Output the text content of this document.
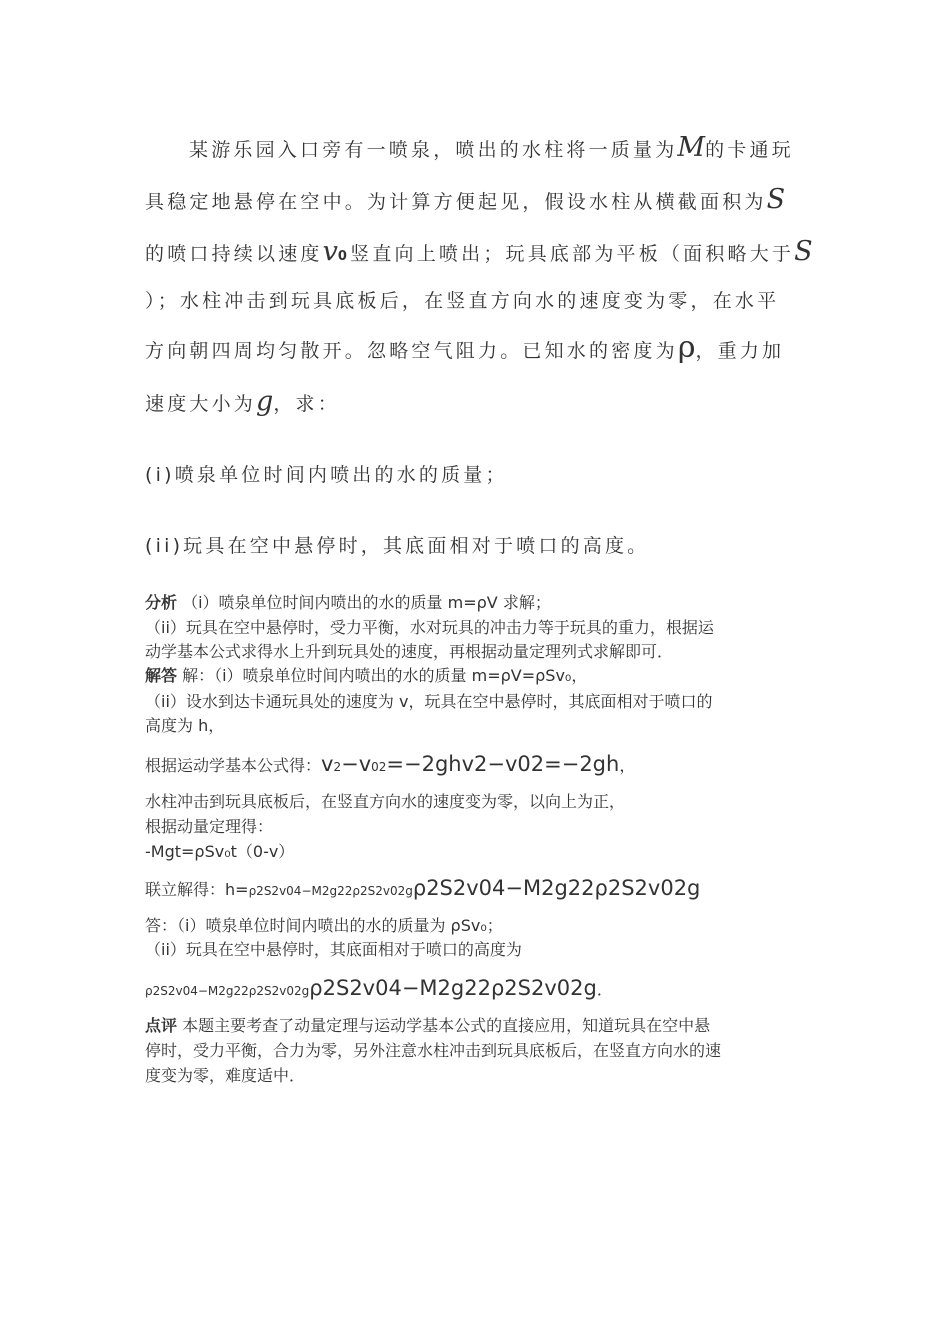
某游乐园入口旁有一喷泉，喷出的水柱将一质量为M的卡通玩
具稳定地悬停在空中。为计算方便起见，假设水柱从横截面积为S
的喷口持续以速度v0竖直向上喷出；玩具底部为平板（面积略大于S
）；水柱冲击到玩具底板后，在竖直方向水的速度变为零，在水平
方向朝四周均匀散开。忽略空气阻力。已知水的密度为ρ，重力加
速度大小为g，求：
(i)喷泉单位时间内喷出的水的质量；
(ii)玩具在空中悬停时，其底面相对于喷口的高度。
分析 （i）喷泉单位时间内喷出的水的质量 m=ρV 求解；
（ii）玩具在空中悬停时，受力平衡，水对玩具的冲击力等于玩具的重力，根据运
动学基本公式求得水上升到玩具处的速度，再根据动量定理列式求解即可．
解答 解：（i）喷泉单位时间内喷出的水的质量 m=ρV=ρSv₀，
（ii）设水到达卡通玩具处的速度为 v，玩具在空中悬停时，其底面相对于喷口的
高度为 h，
根据运动学基本公式得：v2−v02=−2ghv2−v02=−2gh，
水柱冲击到玩具底板后，在竖直方向水的速度变为零，以向上为正，
根据动量定理得：
-Mgt=ρSv₀t（0-v）
联立解得：h=ρ2S2v04−M2g22ρ2S2v02gρ2S2v04−M2g22ρ2S2v02g
答：（i）喷泉单位时间内喷出的水的质量为 ρSv₀；
（ii）玩具在空中悬停时，其底面相对于喷口的高度为
ρ2S2v04−M2g22ρ2S2v02gρ2S2v04−M2g22ρ2S2v02g．
点评 本题主要考查了动量定理与运动学基本公式的直接应用，知道玩具在空中悬
停时，受力平衡，合力为零，另外注意水柱冲击到玩具底板后，在竖直方向水的速
度变为零，难度适中．
